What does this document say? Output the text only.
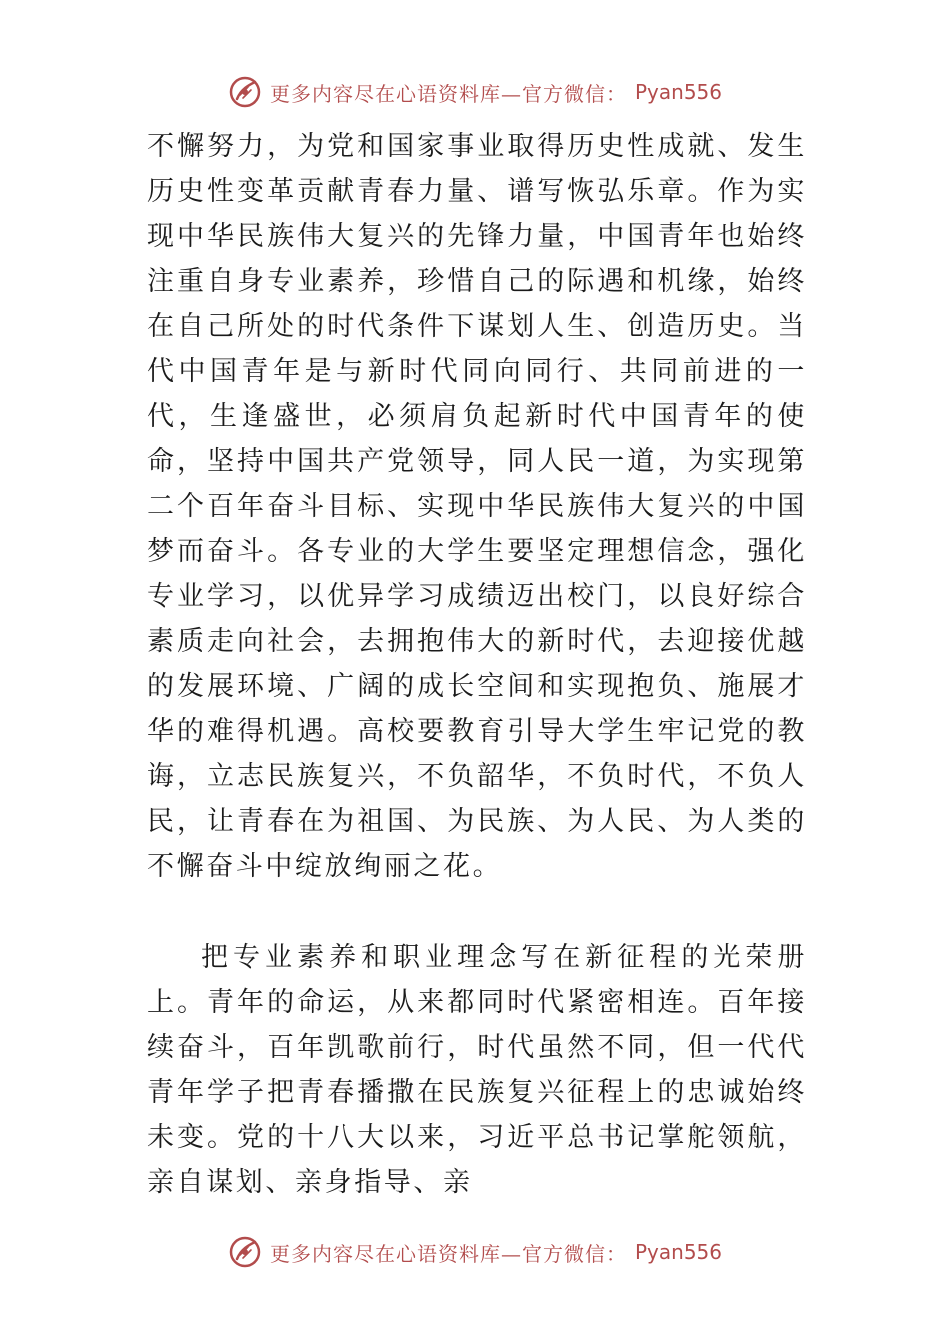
更多内容尽在心语资料库—官方微信： Pyan556

不懈努力，为党和国家事业取得历史性成就、发生历史性变革贡献青春力量、谱写恢弘乐章。作为实现中华民族伟大复兴的先锋力量，中国青年也始终注重自身专业素养，珍惜自己的际遇和机缘，始终在自己所处的时代条件下谋划人生、创造历史。当代中国青年是与新时代同向同行、共同前进的一代，生逢盛世，必须肩负起新时代中国青年的使命，坚持中国共产党领导，同人民一道，为实现第二个百年奋斗目标、实现中华民族伟大复兴的中国梦而奋斗。各专业的大学生要坚定理想信念，强化专业学习，以优异学习成绩迈出校门，以良好综合素质走向社会，去拥抱伟大的新时代，去迎接优越的发展环境、广阔的成长空间和实现抱负、施展才华的难得机遇。高校要教育引导大学生牢记党的教诲，立志民族复兴，不负韶华，不负时代，不负人民，让青春在为祖国、为民族、为人民、为人类的不懈奋斗中绽放绚丽之花。

把专业素养和职业理念写在新征程的光荣册上。青年的命运，从来都同时代紧密相连。百年接续奋斗，百年凯歌前行，时代虽然不同，但一代代青年学子把青春播撒在民族复兴征程上的忠诚始终未变。党的十八大以来，习近平总书记掌舵领航，亲自谋划、亲身指导、亲

更多内容尽在心语资料库—官方微信： Pyan556
